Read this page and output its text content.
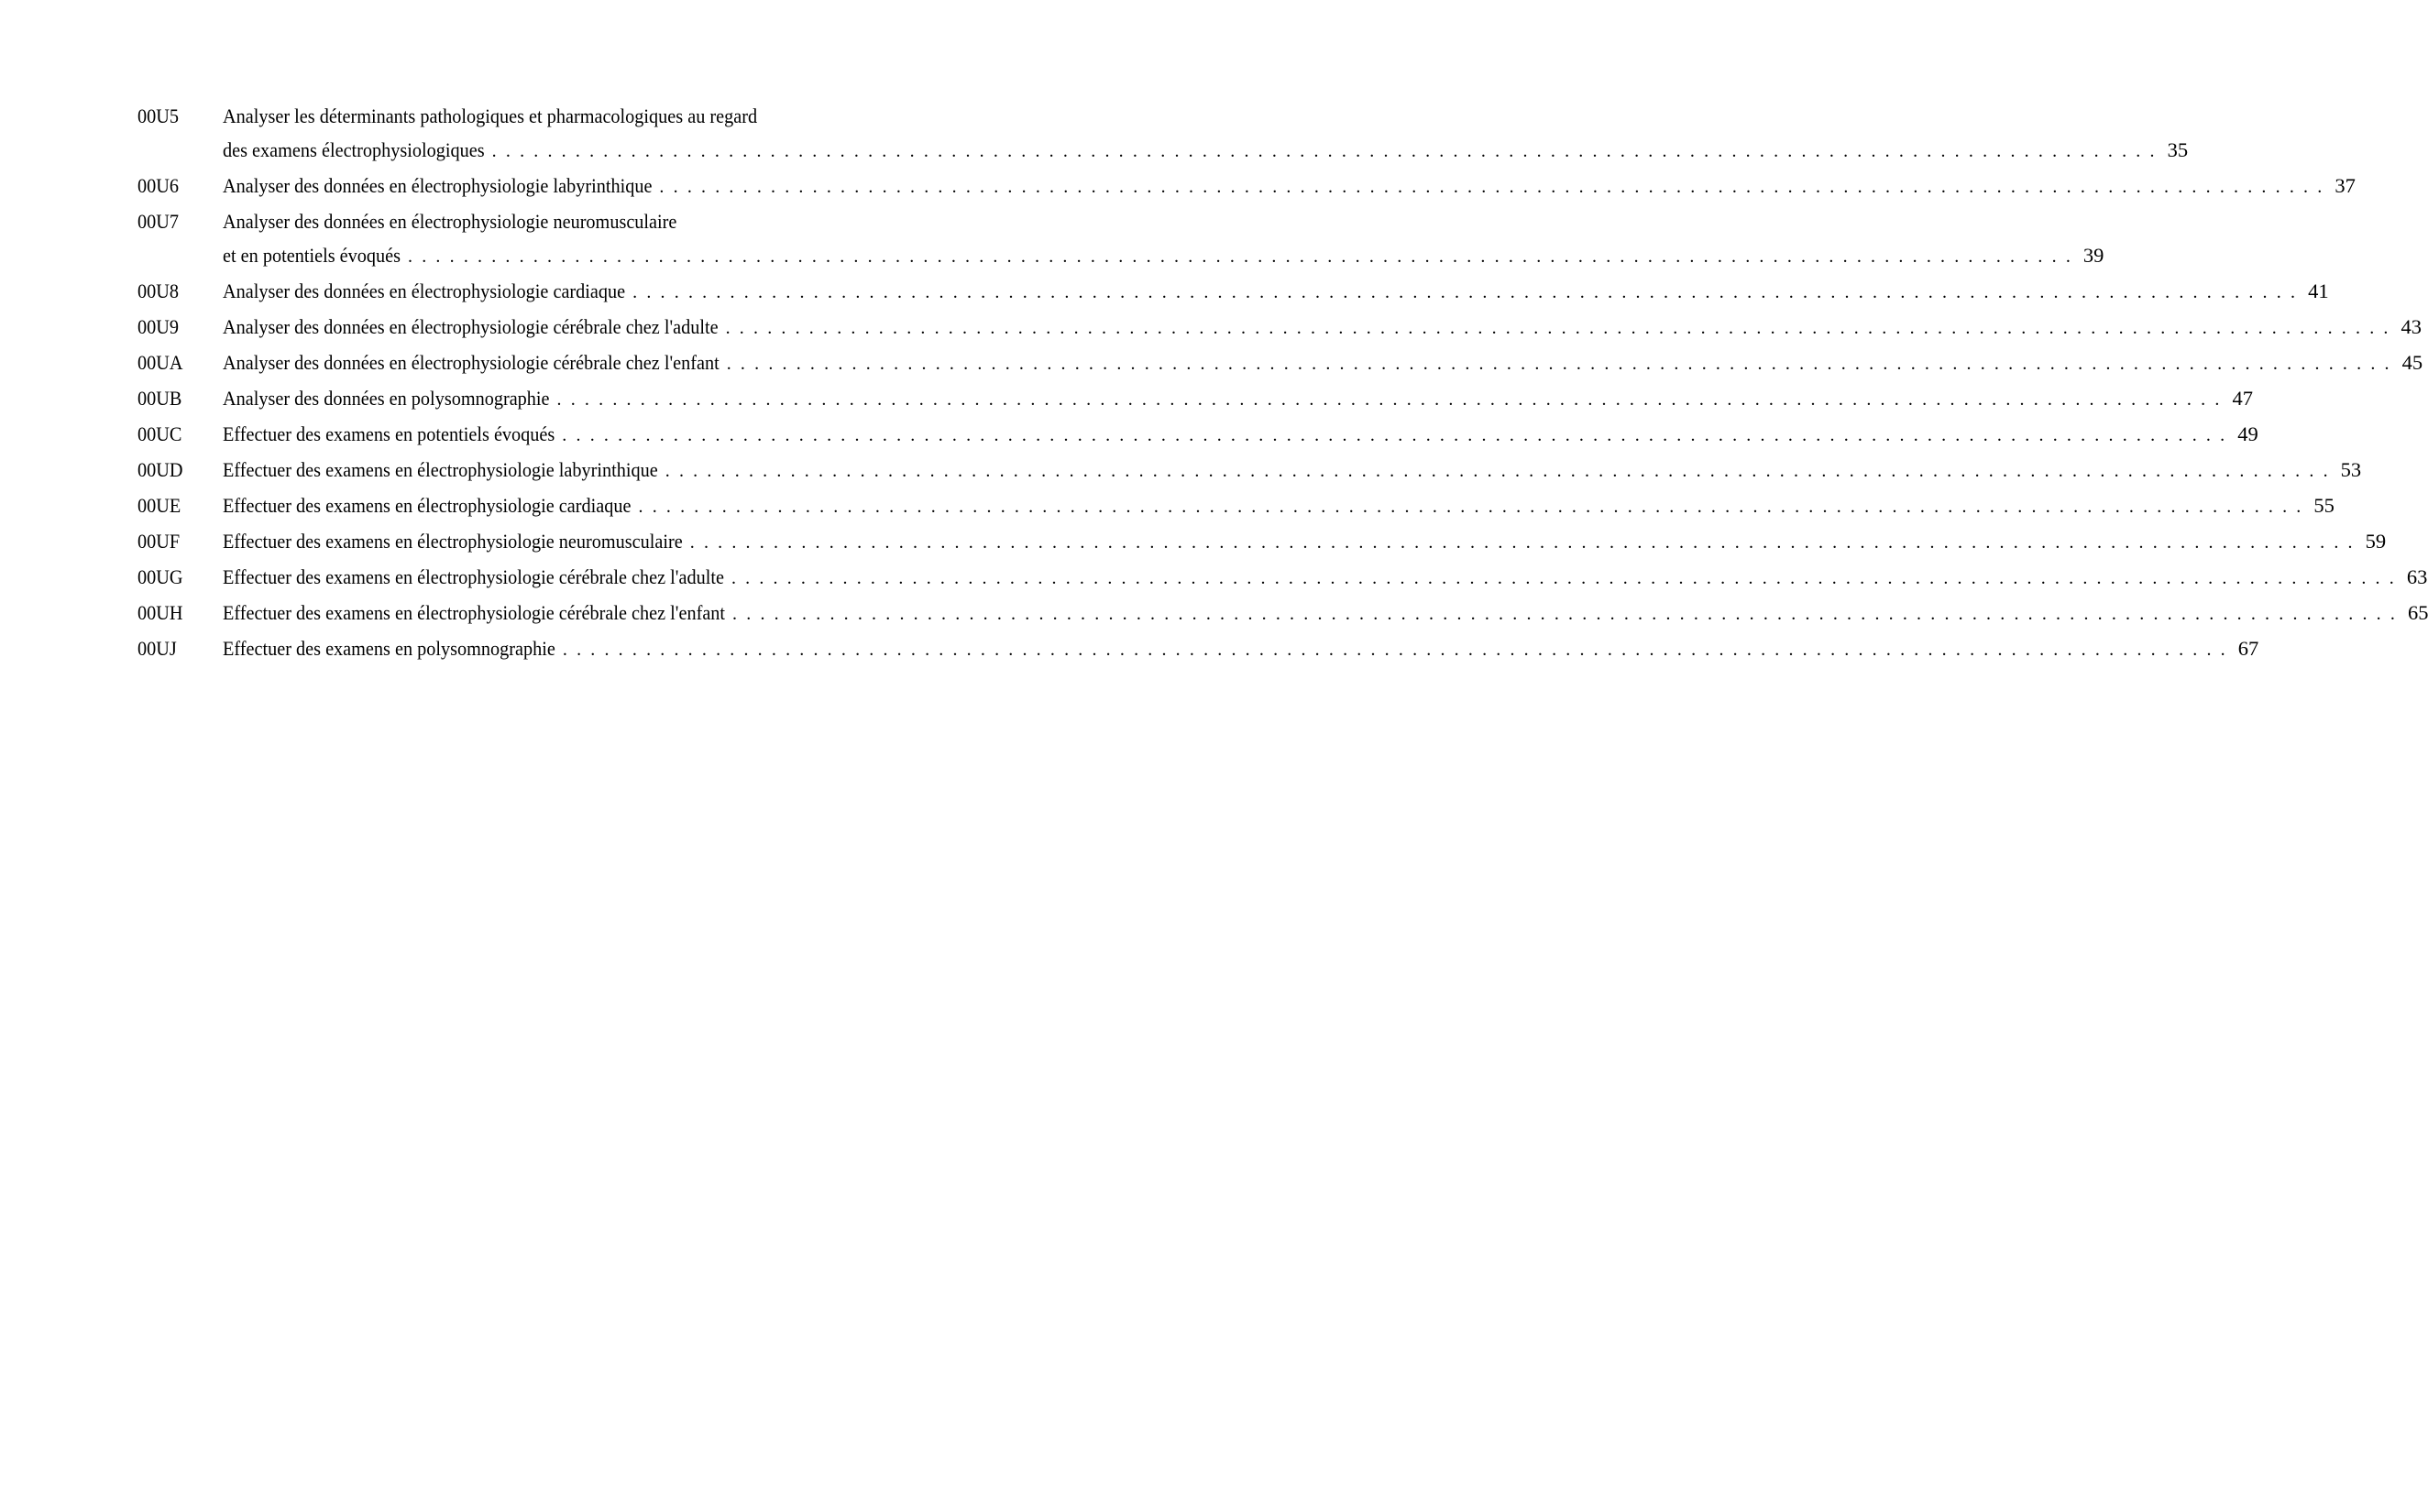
00U5	Analyser les déterminants pathologiques et pharmacologiques au regard
des examens électrophysiologiques . . . . . . . . . . . . . . . . . . . . . . . . . . . . . . . . . . . . . . . . . . . . . . . . . . . . . . . . . . . . . . . . . . . . . . . . . . . . . . . . . . . . . . . . . . . . . . . . . . . . . . . . . . . . . . . . . . . . . . . . 35
00U6	Analyser des données en électrophysiologie labyrinthique . . . . . . . . . . . . . . . . . . . . . . . . . . . . . . . . . . . . . . . . . . . . . . . . . . . . . . . . . . . . . . . . . . . . . . . . . . . . . . . . . . . . . . . . . . . . . . . . . . . . . . . . . . . . . . . . . . . . . . . . 37
00U7	Analyser des données en électrophysiologie neuromusculaire
et en potentiels évoqués . . . . . . . . . . . . . . . . . . . . . . . . . . . . . . . . . . . . . . . . . . . . . . . . . . . . . . . . . . . . . . . . . . . . . . . . . . . . . . . . . . . . . . . . . . . . . . . . . . . . . . . . . . . . . . . . . . . . . . . . 39
00U8	Analyser des données en électrophysiologie cardiaque . . . . . . . . . . . . . . . . . . . . . . . . . . . . . . . . . . . . . . . . . . . . . . . . . . . . . . . . . . . . . . . . . . . . . . . . . . . . . . . . . . . . . . . . . . . . . . . . . . . . . . . . . . . . . . . . . . . . . . . . 41
00U9	Analyser des données en électrophysiologie cérébrale chez l'adulte . . . . . . . . . . . . . . . . . . . . . . . . . . . . . . . . . . . . . . . . . . . . . . . . . . . . . . . . . . . . . . . . . . . . . . . . . . . . . . . . . . . . . . . . . . . . . . . . . . . . . . . . . . . . . . . . . . . . . . . . 43
00UA	Analyser des données en électrophysiologie cérébrale chez l'enfant . . . . . . . . . . . . . . . . . . . . . . . . . . . . . . . . . . . . . . . . . . . . . . . . . . . . . . . . . . . . . . . . . . . . . . . . . . . . . . . . . . . . . . . . . . . . . . . . . . . . . . . . . . . . . . . . . . . . . . . . 45
00UB	Analyser des données en polysomnographie . . . . . . . . . . . . . . . . . . . . . . . . . . . . . . . . . . . . . . . . . . . . . . . . . . . . . . . . . . . . . . . . . . . . . . . . . . . . . . . . . . . . . . . . . . . . . . . . . . . . . . . . . . . . . . . . . . . . . . . . 47
00UC	Effectuer des examens en potentiels évoqués . . . . . . . . . . . . . . . . . . . . . . . . . . . . . . . . . . . . . . . . . . . . . . . . . . . . . . . . . . . . . . . . . . . . . . . . . . . . . . . . . . . . . . . . . . . . . . . . . . . . . . . . . . . . . . . . . . . . . . . . 49
00UD	Effectuer des examens en électrophysiologie labyrinthique . . . . . . . . . . . . . . . . . . . . . . . . . . . . . . . . . . . . . . . . . . . . . . . . . . . . . . . . . . . . . . . . . . . . . . . . . . . . . . . . . . . . . . . . . . . . . . . . . . . . . . . . . . . . . . . . . . . . . . . . 53
00UE	Effectuer des examens en électrophysiologie cardiaque . . . . . . . . . . . . . . . . . . . . . . . . . . . . . . . . . . . . . . . . . . . . . . . . . . . . . . . . . . . . . . . . . . . . . . . . . . . . . . . . . . . . . . . . . . . . . . . . . . . . . . . . . . . . . . . . . . . . . . . . 55
00UF	Effectuer des examens en électrophysiologie neuromusculaire . . . . . . . . . . . . . . . . . . . . . . . . . . . . . . . . . . . . . . . . . . . . . . . . . . . . . . . . . . . . . . . . . . . . . . . . . . . . . . . . . . . . . . . . . . . . . . . . . . . . . . . . . . . . . . . . . . . . . . . . 59
00UG	Effectuer des examens en électrophysiologie cérébrale chez l'adulte . . . . . . . . . . . . . . . . . . . . . . . . . . . . . . . . . . . . . . . . . . . . . . . . . . . . . . . . . . . . . . . . . . . . . . . . . . . . . . . . . . . . . . . . . . . . . . . . . . . . . . . . . . . . . . . . . . . . . . . . 63
00UH	Effectuer des examens en électrophysiologie cérébrale chez l'enfant . . . . . . . . . . . . . . . . . . . . . . . . . . . . . . . . . . . . . . . . . . . . . . . . . . . . . . . . . . . . . . . . . . . . . . . . . . . . . . . . . . . . . . . . . . . . . . . . . . . . . . . . . . . . . . . . . . . . . . . . 65
00UJ	Effectuer des examens en polysomnographie . . . . . . . . . . . . . . . . . . . . . . . . . . . . . . . . . . . . . . . . . . . . . . . . . . . . . . . . . . . . . . . . . . . . . . . . . . . . . . . . . . . . . . . . . . . . . . . . . . . . . . . . . . . . . . . . . . . . . . . . 67
